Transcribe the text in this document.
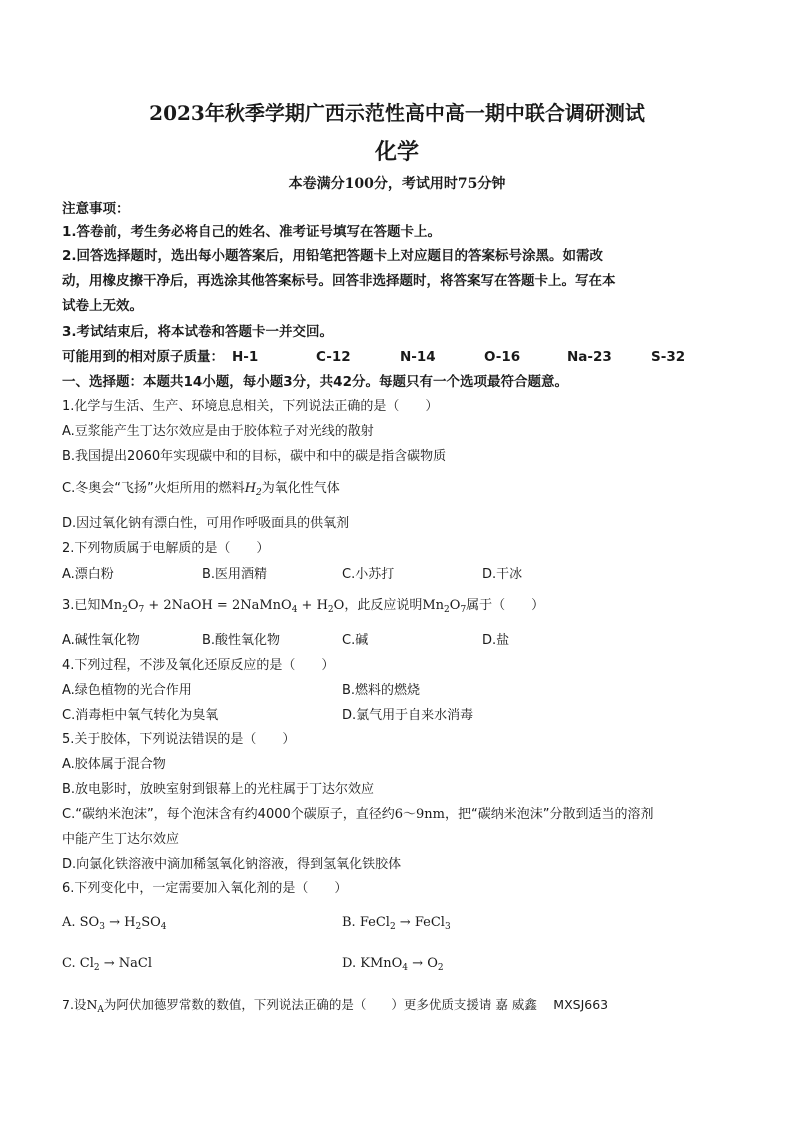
2023年秋季学期广西示范性高中高一期中联合调研测试
化学
本卷满分100分，考试用时75分钟
注意事项：
1.答卷前，考生务必将自己的姓名、准考证号填写在答题卡上。
2.回答选择题时，选出每小题答案后，用铅笔把答题卡上对应题目的答案标号涂黑。如需改
动，用橡皮擦干净后，再选涂其他答案标号。回答非选择题时，将答案写在答题卡上。写在本
试卷上无效。
3.考试结束后，将本试卷和答题卡一并交回。
可能用到的相对原子质量： H-1	C-12	N-14	O-16	Na-23	S-32
一、选择题：本题共14小题，每小题3分，共42分。每题只有一个选项最符合题意。
1.化学与生活、生产、环境息息相关，下列说法正确的是（　　）
A.豆浆能产生丁达尔效应是由于胶体粒子对光线的散射
B.我国提出2060年实现碳中和的目标，碳中和中的碳是指含碳物质
C.冬奥会“飞扬”火炬所用的燃料$H_2$为氧化性气体
D.因过氧化钠有漂白性，可用作呼吸面具的供氧剂
2.下列物质属于电解质的是（　　）
A.漂白粉	B.医用酒精	C.小苏打	D.干冰
3.已知$Mn_2O_7$ + 2NaOH = 2NaMnO$_4$ + $H_2O$，此反应说明$Mn_2O_7$属于（　　）
A.碱性氧化物	B.酸性氧化物	C.碱	D.盐
4.下列过程，不涉及氧化还原反应的是（　　）
A.绿色植物的光合作用	B.燃料的燃烧
C.消毒柜中氧气转化为臭氧	D.氯气用于自来水消毒
5.关于胶体，下列说法错误的是（　　）
A.胶体属于混合物
B.放电影时，放映室射到银幕上的光柱属于丁达尔效应
C.“碳纳米泡沫”，每个泡沫含有约4000个碳原子，直径约6～9nm，把“碳纳米泡沫”分散到适当的溶剂
中能产生丁达尔效应
D.向氯化铁溶液中滴加稀氢氧化钠溶液，得到氢氧化铁胶体
6.下列变化中，一定需要加入氧化剂的是（　　）
A. $SO_3 \to H_2SO_4$	B. FeCl$_2$ → FeCl$_3$
C. $Cl_2$ → NaCl	D. KMnO$_4$ → $O_2$
7.设$N_A$为阿伏加德罗常数的数值，下列说法正确的是（　　）更多优质支援请 嘉 威鑫　 MXSJ663
